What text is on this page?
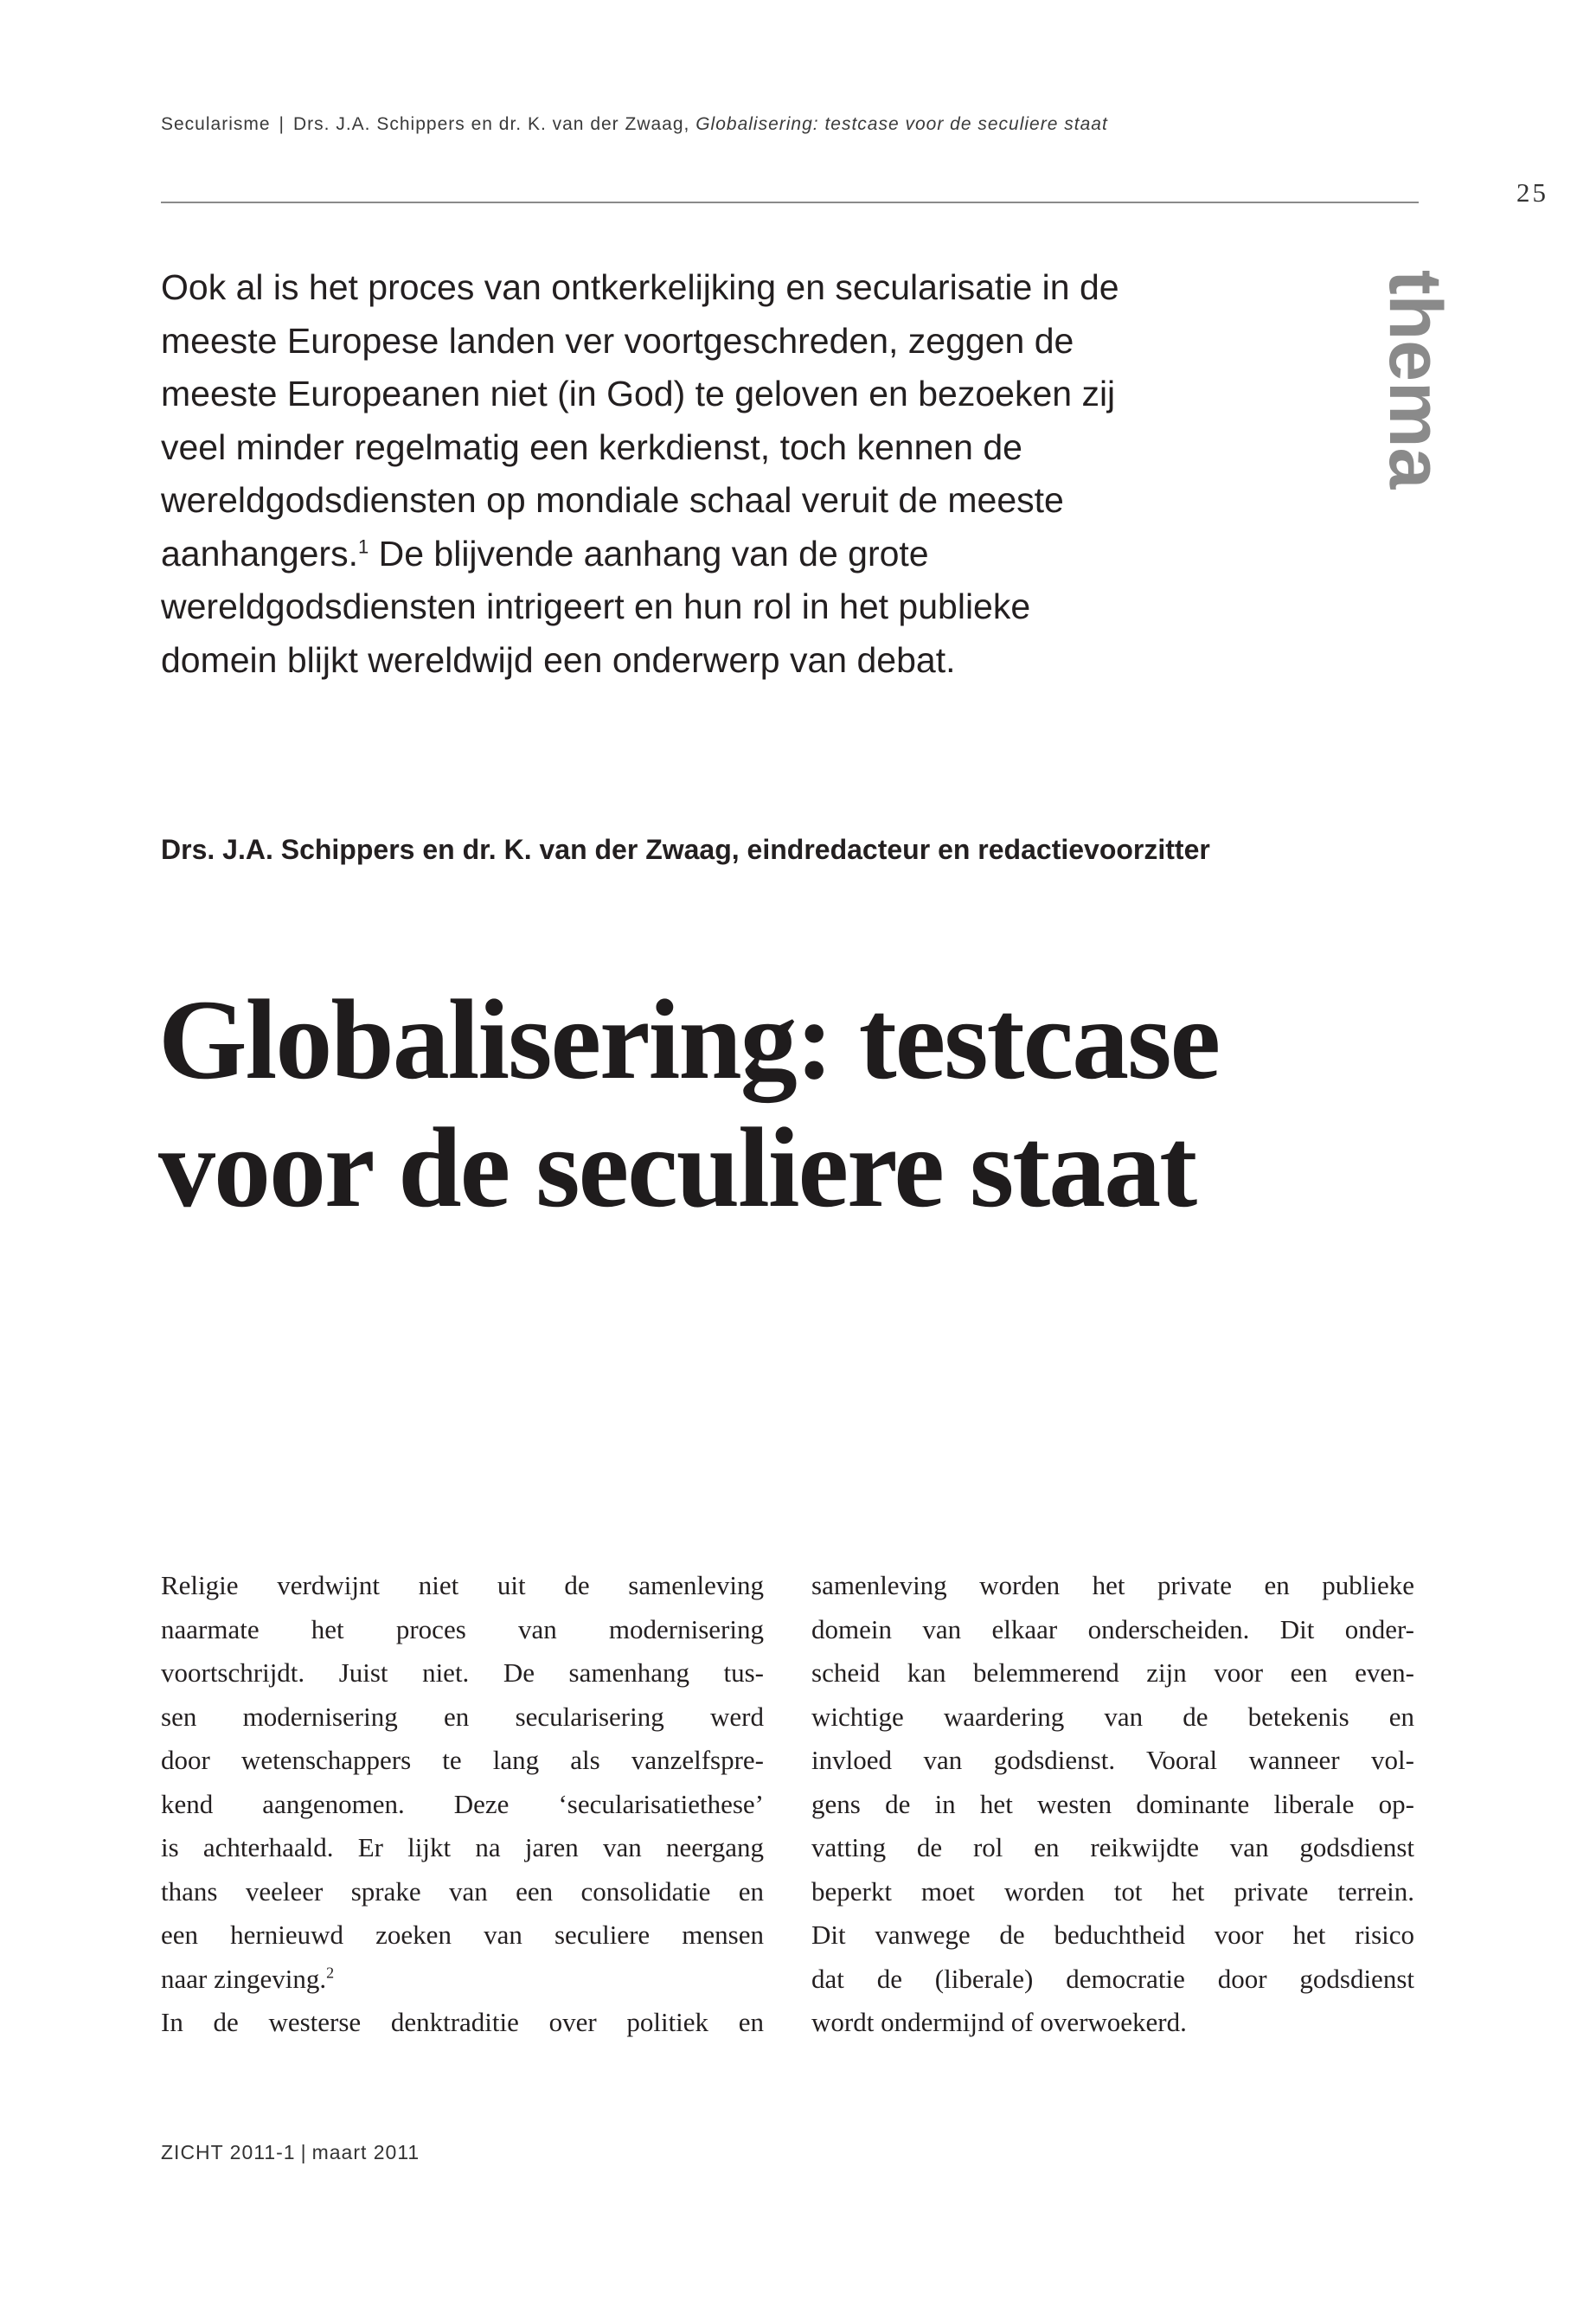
Secularisme | Drs. J.A. Schippers en dr. K. van der Zwaag, Globalisering: testcase voor de seculiere staat
25
thema

Ook al is het proces van ontkerkelijking en secularisatie in de meeste Europese landen ver voortgeschreden, zeggen de meeste Europeanen niet (in God) te geloven en bezoeken zij veel minder regelmatig een kerkdienst, toch kennen de wereldgodsdiensten op mondiale schaal veruit de meeste aanhangers.$^1$ De blijvende aanhang van de grote wereldgodsdiensten intrigeert en hun rol in het publieke domein blijkt wereldwijd een onderwerp van debat.

Drs. J.A. Schippers en dr. K. van der Zwaag, eindredacteur en redactievoorzitter

Globalisering: testcase
voor de seculiere staat
Religie verdwijnt niet uit de samenleving
naarmate het proces van modernisering
voortschrijdt. Juist niet. De samenhang tus-
sen modernisering en secularisering werd
door wetenschappers te lang als vanzelfspre-
kend aangenomen. Deze ‘secularisatiethese’
is achterhaald. Er lijkt na jaren van neergang
thans veeleer sprake van een consolidatie en
een hernieuwd zoeken van seculiere mensen
naar zingeving.$^2$
In de westerse denktraditie over politiek en
samenleving worden het private en publieke
domein van elkaar onderscheiden. Dit onder-
scheid kan belemmerend zijn voor een even-
wichtige waardering van de betekenis en
invloed van godsdienst. Vooral wanneer vol-
gens de in het westen dominante liberale op-
vatting de rol en reikwijdte van godsdienst
beperkt moet worden tot het private terrein.
Dit vanwege de beduchtheid voor het risico
dat de (liberale) democratie door godsdienst
wordt ondermijnd of overwoekerd.
ZICHT 2011-1 | maart 2011
